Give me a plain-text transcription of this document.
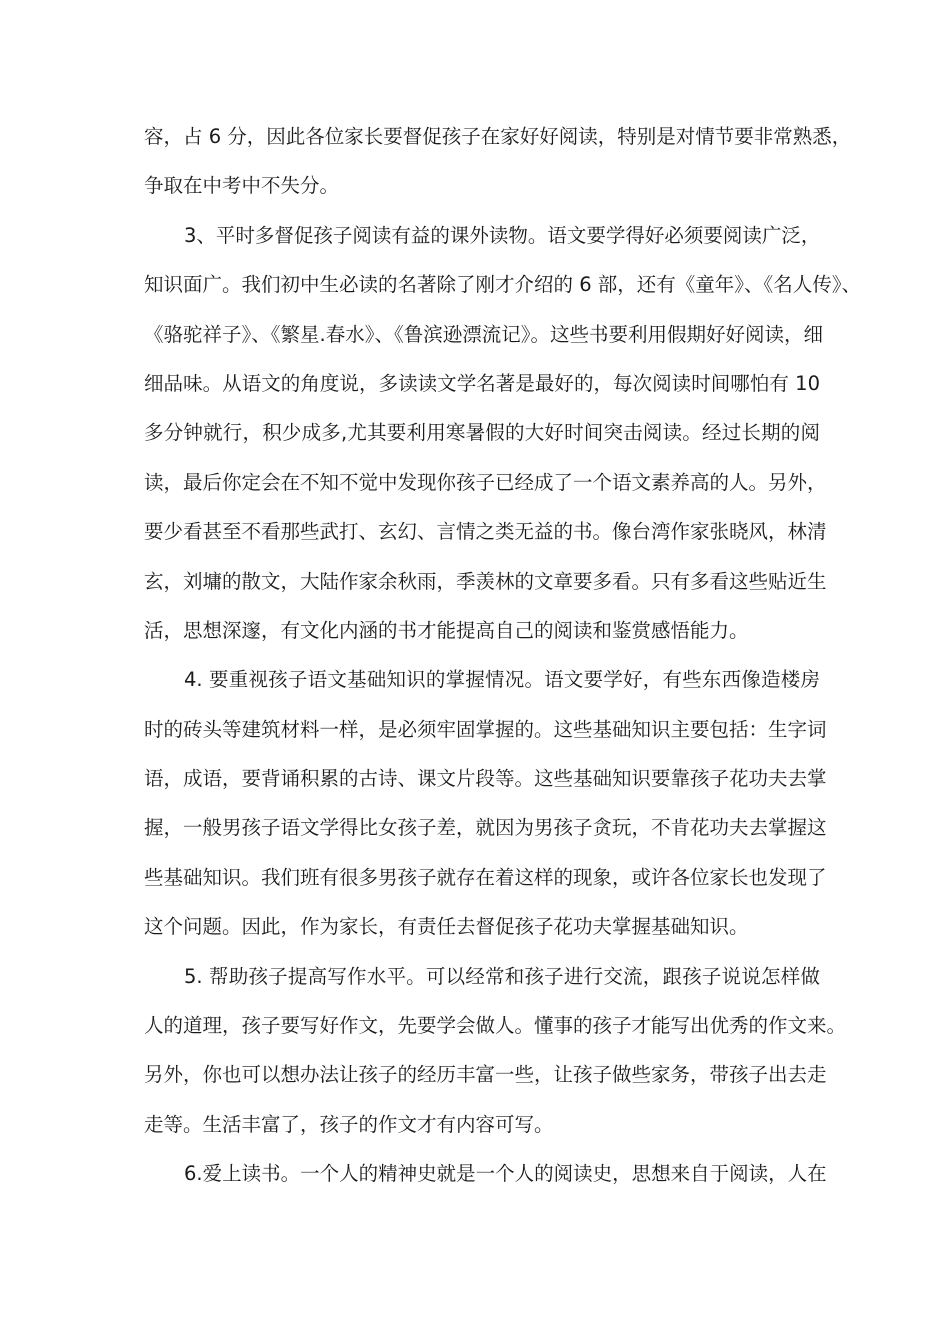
容，占 6 分，因此各位家长要督促孩子在家好好阅读，特别是对情节要非常熟悉，
争取在中考中不失分。
3、平时多督促孩子阅读有益的课外读物。语文要学得好必须要阅读广泛，
知识面广。我们初中生必读的名著除了刚才介绍的 6 部，还有《童年》、《名人传》、
《骆驼祥子》、《繁星.春水》、《鲁滨逊漂流记》。这些书要利用假期好好阅读，细
细品味。从语文的角度说，多读读文学名著是最好的，每次阅读时间哪怕有 10
多分钟就行，积少成多,尤其要利用寒暑假的大好时间突击阅读。经过长期的阅
读，最后你定会在不知不觉中发现你孩子已经成了一个语文素养高的人。另外，
要少看甚至不看那些武打、玄幻、言情之类无益的书。像台湾作家张晓风，林清
玄，刘墉的散文，大陆作家余秋雨，季羡林的文章要多看。只有多看这些贴近生
活，思想深邃，有文化内涵的书才能提高自己的阅读和鉴赏感悟能力。
4. 要重视孩子语文基础知识的掌握情况。语文要学好，有些东西像造楼房
时的砖头等建筑材料一样，是必须牢固掌握的。这些基础知识主要包括：生字词
语，成语，要背诵积累的古诗、课文片段等。这些基础知识要靠孩子花功夫去掌
握，一般男孩子语文学得比女孩子差，就因为男孩子贪玩，不肯花功夫去掌握这
些基础知识。我们班有很多男孩子就存在着这样的现象，或许各位家长也发现了
这个问题。因此，作为家长，有责任去督促孩子花功夫掌握基础知识。
5. 帮助孩子提高写作水平。可以经常和孩子进行交流，跟孩子说说怎样做
人的道理，孩子要写好作文，先要学会做人。懂事的孩子才能写出优秀的作文来。
另外，你也可以想办法让孩子的经历丰富一些，让孩子做些家务，带孩子出去走
走等。生活丰富了，孩子的作文才有内容可写。
6.爱上读书。一个人的精神史就是一个人的阅读史，思想来自于阅读，人在
